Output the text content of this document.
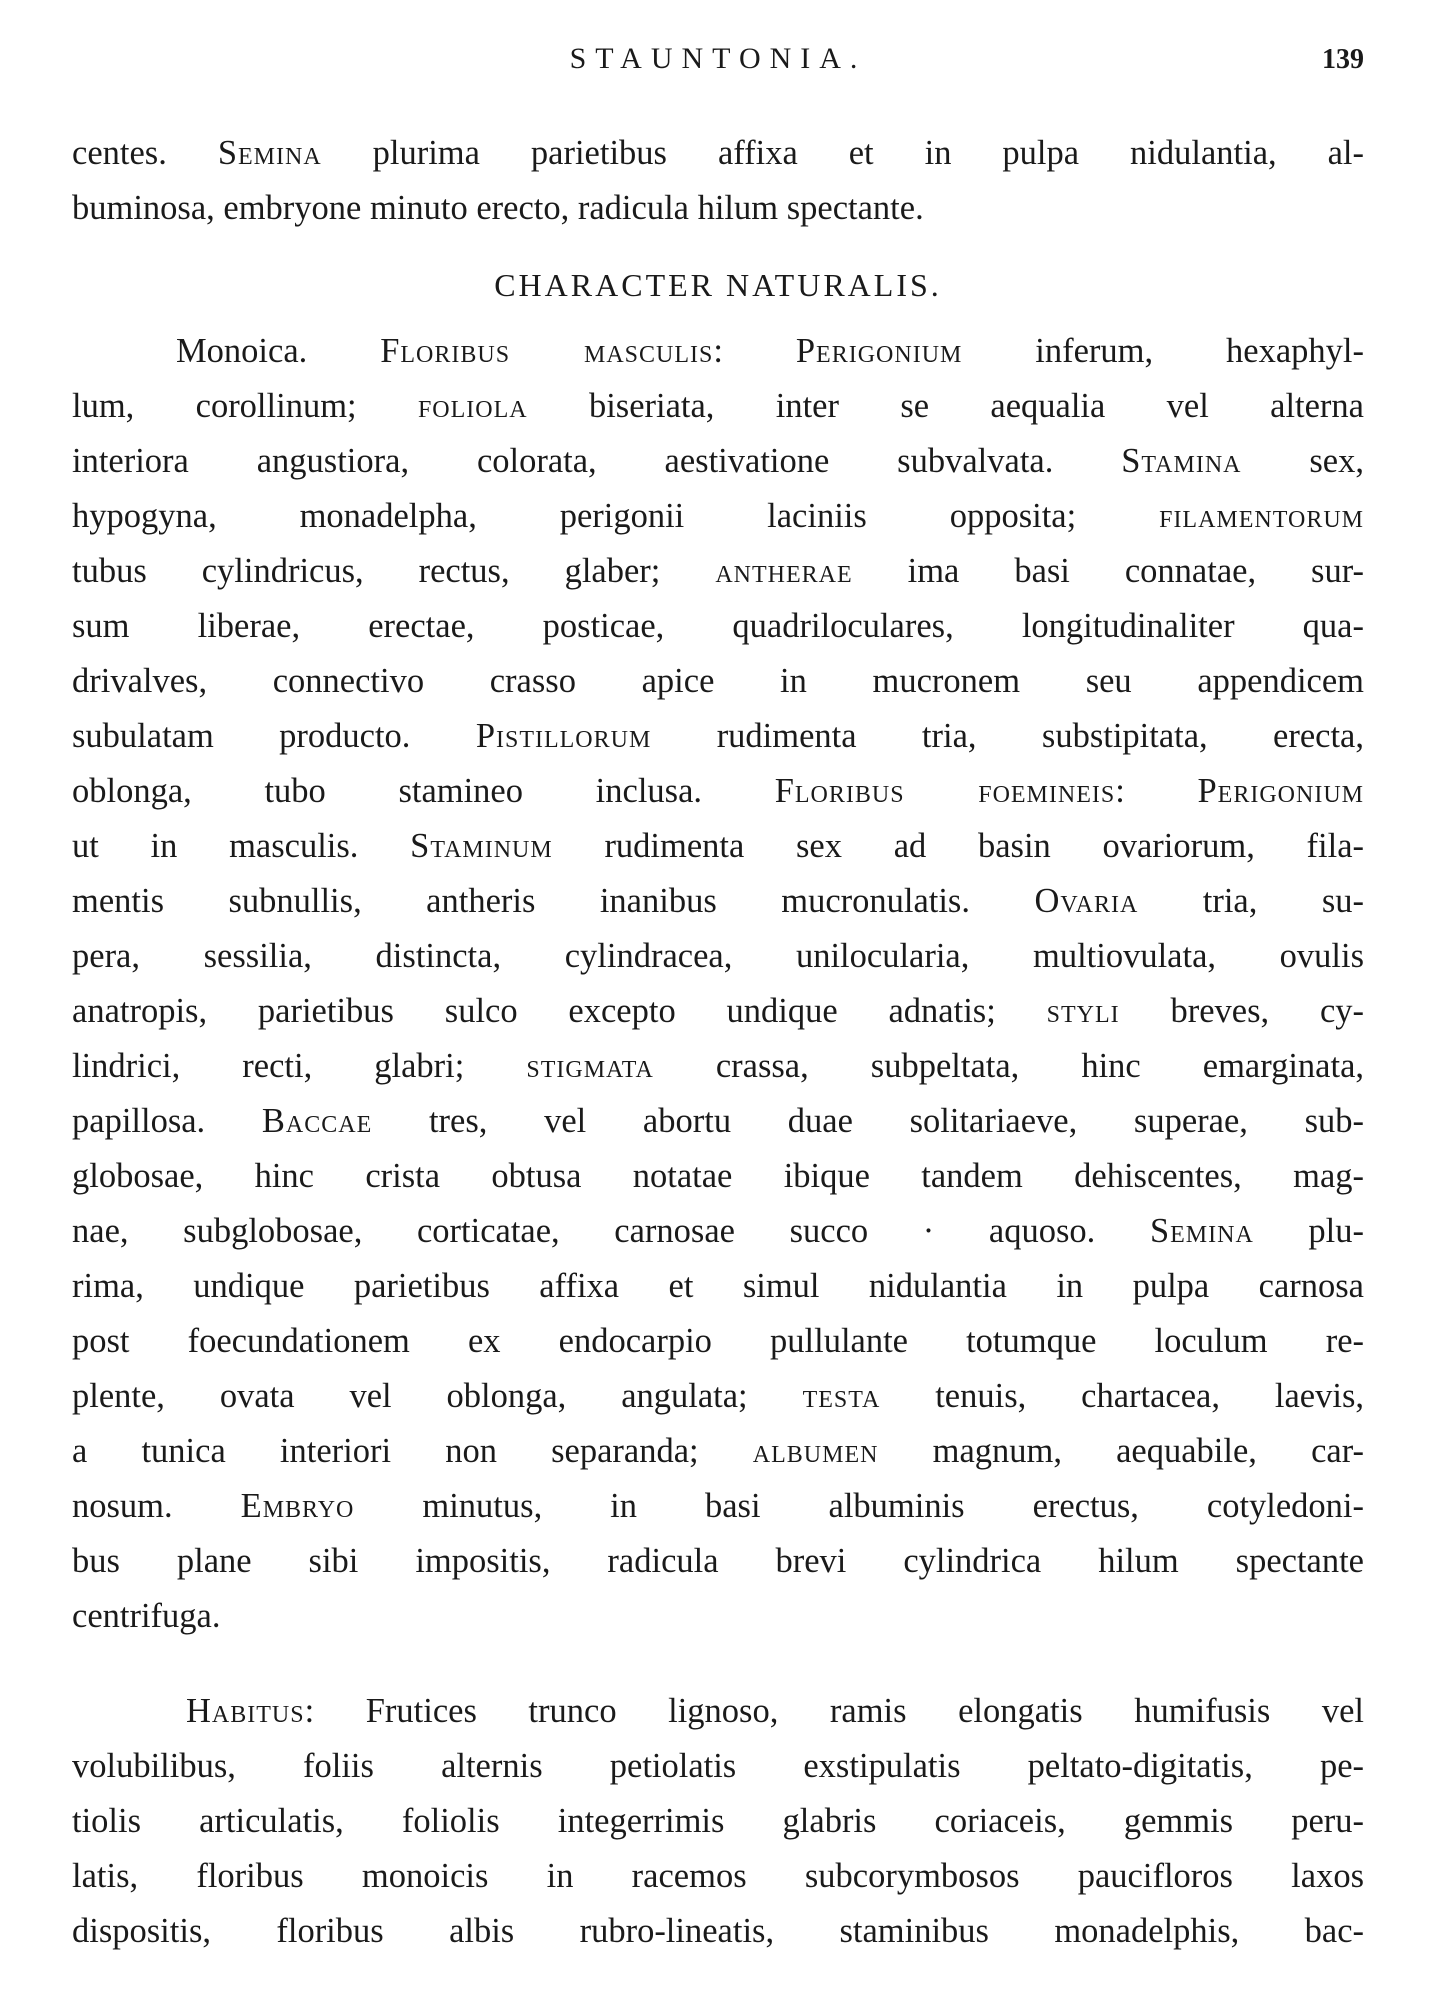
STAUNTONIA.	139
centes. Semina plurima parietibus affixa et in pulpa nidulantia, al-
buminosa, embryone minuto erecto, radicula hilum spectante.
CHARACTER NATURALIS.
Monoica. Floribus masculis: Perigonium inferum, hexaphyl-
lum, corollinum; foliola biseriata, inter se aequalia vel alterna
interiora angustiora, colorata, aestivatione subvalvata. Stamina sex,
hypogyna, monadelpha, perigonii laciniis opposita; filamentorum
tubus cylindricus, rectus, glaber; antherae ima basi connatae, sur-
sum liberae, erectae, posticae, quadriloculares, longitudinaliter qua-
drivalves, connectivo crasso apice in mucronem seu appendicem
subulatam producto. Pistillorum rudimenta tria, substipitata, erecta,
oblonga, tubo stamineo inclusa. Floribus foemineis: Perigonium
ut in masculis. Staminum rudimenta sex ad basin ovariorum, fila-
mentis subnullis, antheris inanibus mucronulatis. Ovaria tria, su-
pera, sessilia, distincta, cylindracea, unilocularia, multiovulata, ovulis
anatropis, parietibus sulco excepto undique adnatis; styli breves, cy-
lindrici, recti, glabri; stigmata crassa, subpeltata, hinc emarginata,
papillosa. Baccae tres, vel abortu duae solitariaeve, superae, sub-
globosae, hinc crista obtusa notatae ibique tandem dehiscentes, mag-
nae, subglobosae, corticatae, carnosae succo · aquoso. Semina plu-
rima, undique parietibus affixa et simul nidulantia in pulpa carnosa
post foecundationem ex endocarpio pullulante totumque loculum re-
plente, ovata vel oblonga, angulata; testa tenuis, chartacea, laevis,
a tunica interiori non separanda; albumen magnum, aequabile, car-
nosum. Embryo minutus, in basi albuminis erectus, cotyledoni-
bus plane sibi impositis, radicula brevi cylindrica hilum spectante
centrifuga.
Habitus: Frutices trunco lignoso, ramis elongatis humifusis vel
volubilibus, foliis alternis petiolatis exstipulatis peltato-digitatis, pe-
tiolis articulatis, foliolis integerrimis glabris coriaceis, gemmis peru-
latis, floribus monoicis in racemos subcorymbosos paucifloros laxos
dispositis, floribus albis rubro-lineatis, staminibus monadelphis, bac-
